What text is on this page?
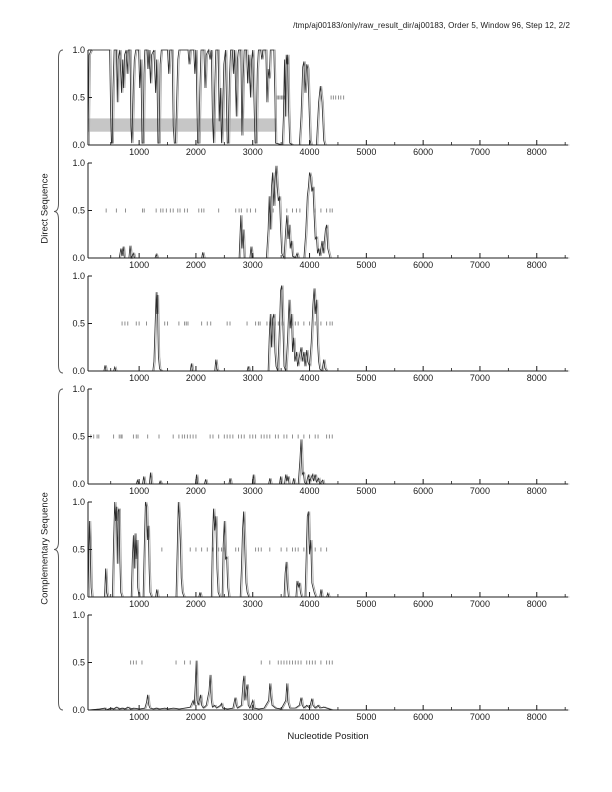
/tmp/aj00183/only/raw_result_dir/aj00183, Order 5, Window 96, Step 12, 2/2
Direct Sequence
Complementary Sequence
0.0
0.5
1.0
1000	2000	3000	4000	5000	6000	7000	8000
0.0
0.5
1.0
1000	2000	3000	4000	5000	6000	7000	8000
0.0
0.5
1.0
1000	2000	3000	4000	5000	6000	7000	8000
0.0
0.5
1.0
1000	2000	3000	4000	5000	6000	7000	8000
0.0
0.5
1.0
1000	2000	3000	4000	5000	6000	7000	8000
0.0
0.5
1.0
1000	2000	3000	4000	5000	6000	7000	8000
Nucleotide Position
